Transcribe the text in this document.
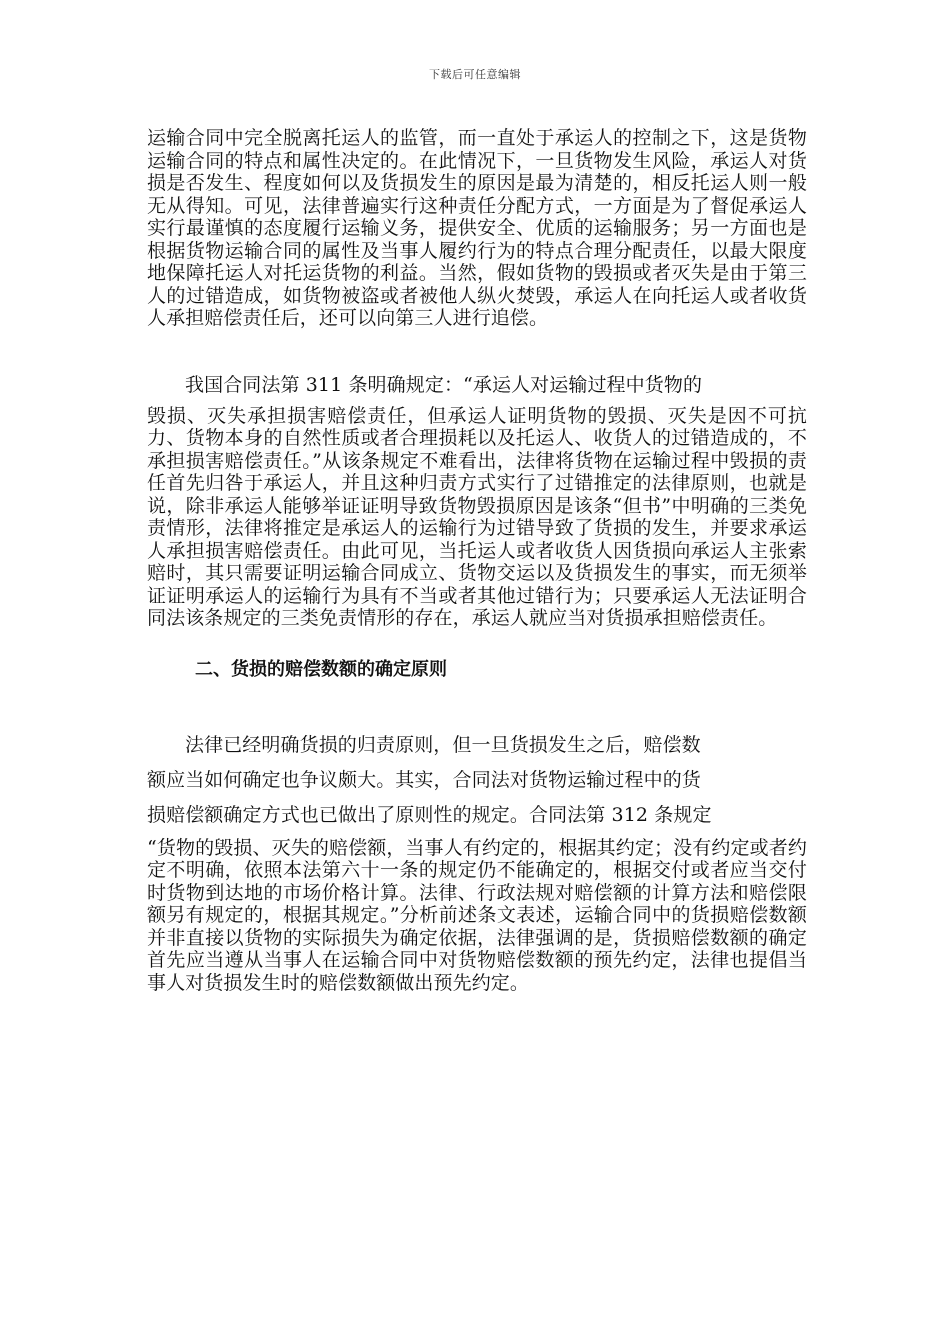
下载后可任意编辑

运输合同中完全脱离托运人的监管，而一直处于承运人的控制之下，这是货物运输合同的特点和属性决定的。在此情况下，一旦货物发生风险，承运人对货损是否发生、程度如何以及货损发生的原因是最为清楚的，相反托运人则一般无从得知。可见，法律普遍实行这种责任分配方式，一方面是为了督促承运人实行最谨慎的态度履行运输义务，提供安全、优质的运输服务；另一方面也是根据货物运输合同的属性及当事人履约行为的特点合理分配责任，以最大限度地保障托运人对托运货物的利益。当然，假如货物的毁损或者灭失是由于第三人的过错造成，如货物被盗或者被他人纵火焚毁，承运人在向托运人或者收货人承担赔偿责任后，还可以向第三人进行追偿。

我国合同法第 311 条明确规定：“承运人对运输过程中货物的
毁损、灭失承担损害赔偿责任，但承运人证明货物的毁损、灭失是因不可抗力、货物本身的自然性质或者合理损耗以及托运人、收货人的过错造成的，不承担损害赔偿责任。”从该条规定不难看出，法律将货物在运输过程中毁损的责任首先归咎于承运人，并且这种归责方式实行了过错推定的法律原则，也就是说，除非承运人能够举证证明导致货物毁损原因是该条“但书”中明确的三类免责情形，法律将推定是承运人的运输行为过错导致了货损的发生，并要求承运人承担损害赔偿责任。由此可见，当托运人或者收货人因货损向承运人主张索赔时，其只需要证明运输合同成立、货物交运以及货损发生的事实，而无须举证证明承运人的运输行为具有不当或者其他过错行为；只要承运人无法证明合同法该条规定的三类免责情形的存在，承运人就应当对货损承担赔偿责任。

二、货损的赔偿数额的确定原则

法律已经明确货损的归责原则，但一旦货损发生之后，赔偿数
额应当如何确定也争议颇大。其实，合同法对货物运输过程中的货
损赔偿额确定方式也已做出了原则性的规定。合同法第 312 条规定
“货物的毁损、灭失的赔偿额，当事人有约定的，根据其约定；没有约定或者约定不明确，依照本法第六十一条的规定仍不能确定的，根据交付或者应当交付时货物到达地的市场价格计算。法律、行政法规对赔偿额的计算方法和赔偿限额另有规定的，根据其规定。”分析前述条文表述，运输合同中的货损赔偿数额并非直接以货物的实际损失为确定依据，法律强调的是，货损赔偿数额的确定首先应当遵从当事人在运输合同中对货物赔偿数额的预先约定，法律也提倡当事人对货损发生时的赔偿数额做出预先约定。
